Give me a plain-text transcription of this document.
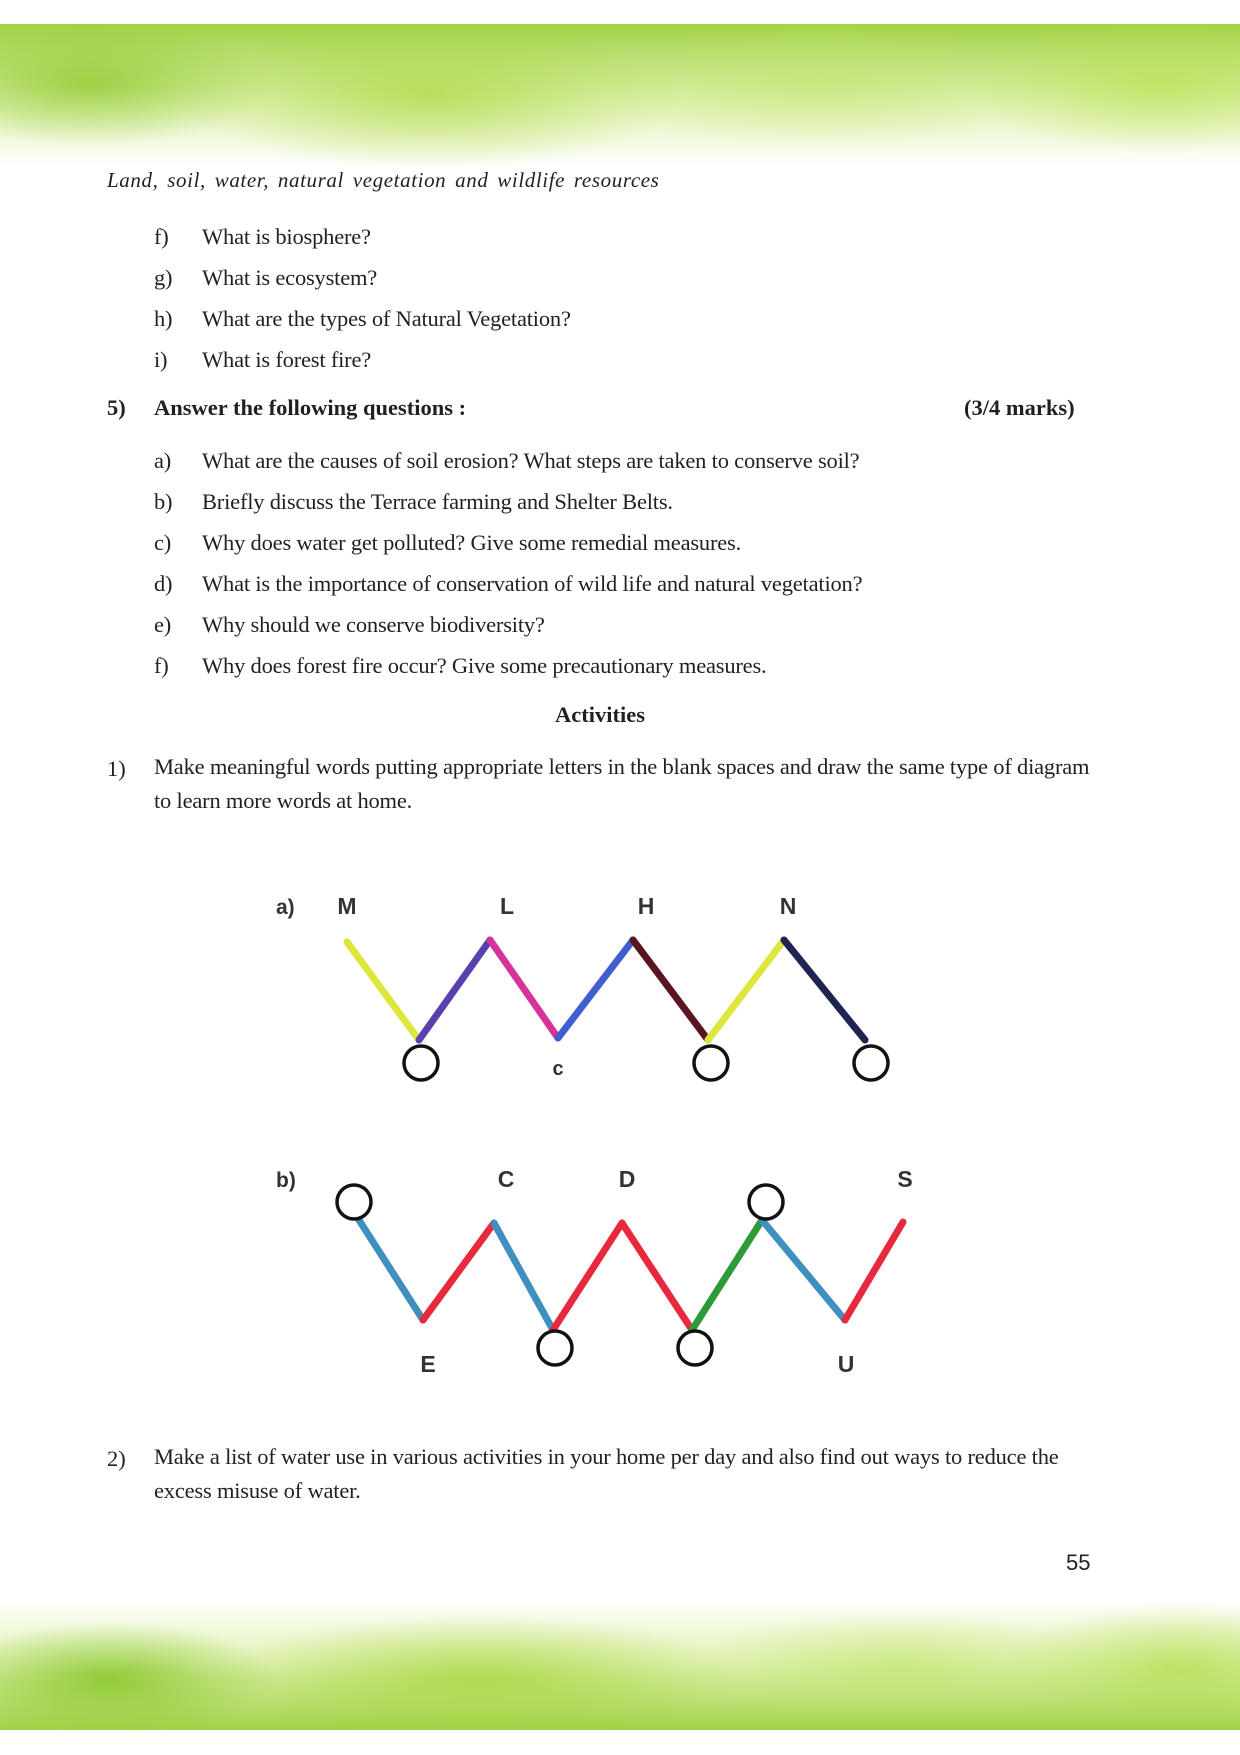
Land, soil, water, natural vegetation and wildlife resources
f) What is biosphere?
g) What is ecosystem?
h) What are the types of Natural Vegetation?
i) What is forest fire?
5) Answer the following questions :	(3/4 marks)
a) What are the causes of soil erosion? What steps are taken to conserve soil?
b) Briefly discuss the Terrace farming and Shelter Belts.
c) Why does water get polluted? Give some remedial measures.
d) What is the importance of conservation of wild life and natural vegetation?
e) Why should we conserve biodiversity?
f) Why does forest fire occur? Give some precautionary measures.
Activities
1) Make meaningful words putting appropriate letters in the blank spaces and draw the same type of diagram to learn more words at home.
a) M	L	H	N
c
b)	C	D	S
E	U
2) Make a list of water use in various activities in your home per day and also find out ways to reduce the excess misuse of water.
55
